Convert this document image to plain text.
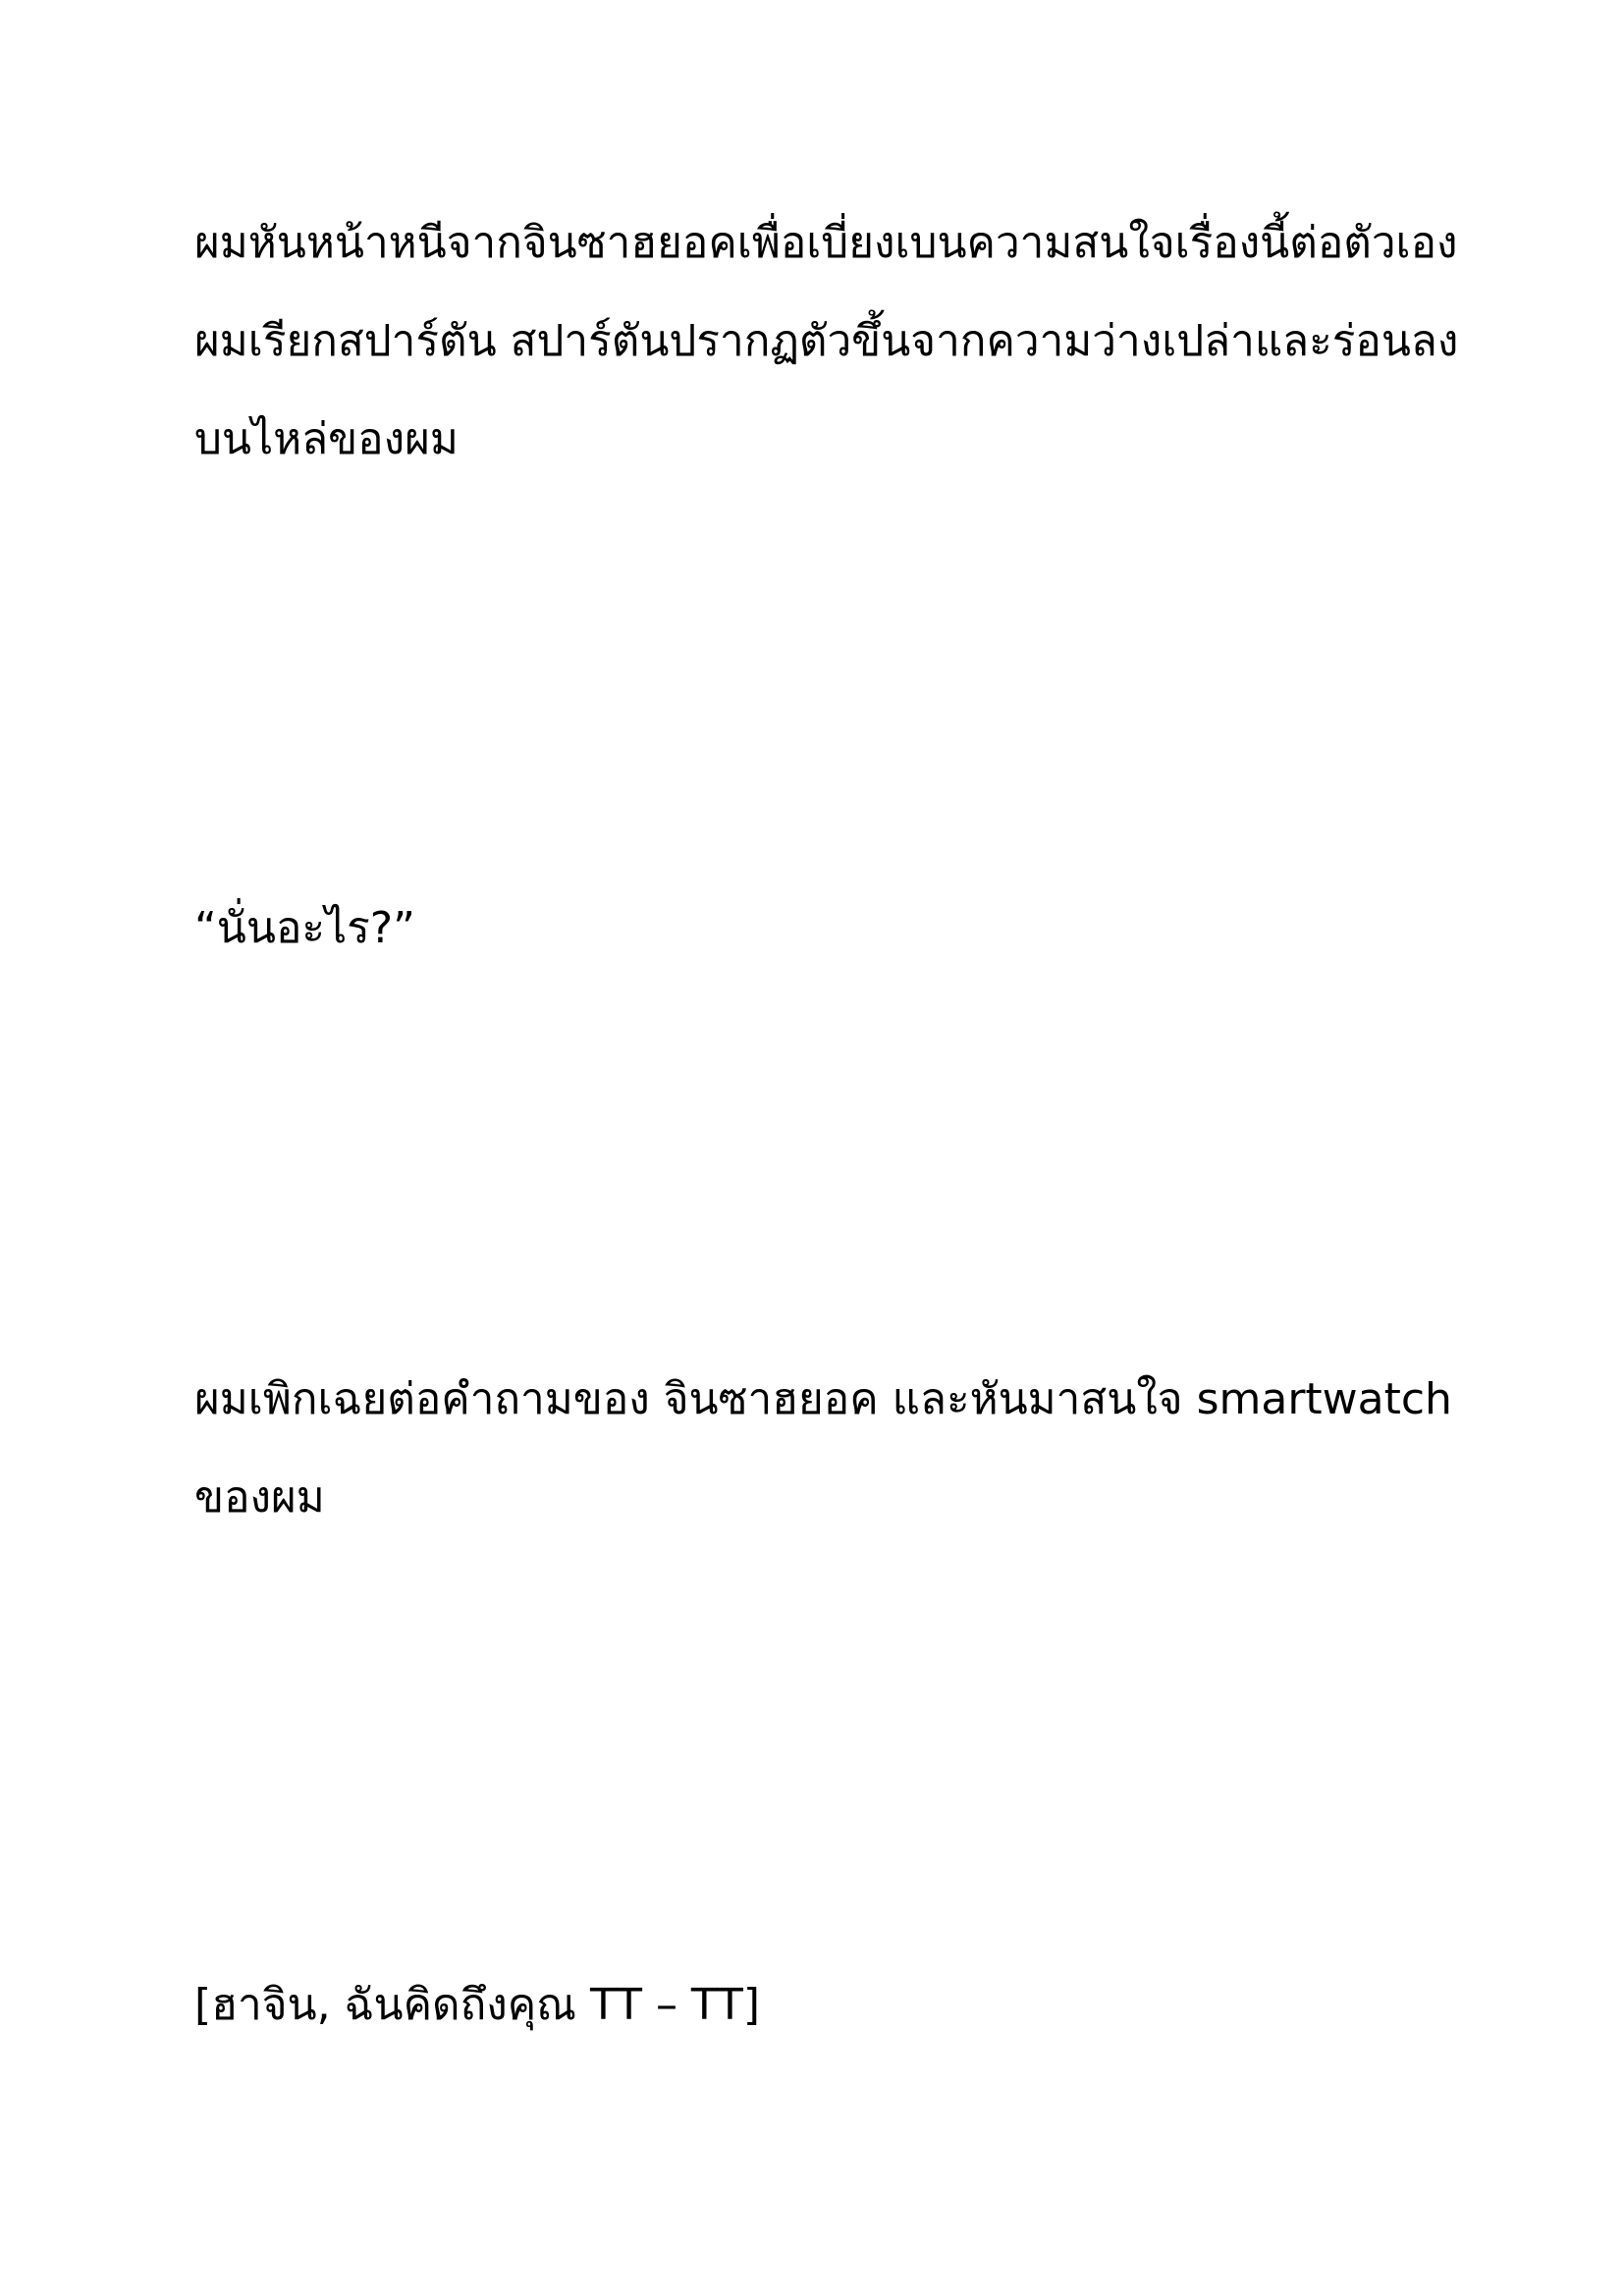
ผมหันหน้าหนีจากจินซาฮยอคเพื่อเบี่ยงเบนความสนใจเรื่องนี้ต่อตัวเอง
ผมเรียกสปาร์ตัน สปาร์ตันปรากฏตัวขึ้นจากความว่างเปล่าและร่อนลง
บนไหล่ของผม

“นั่นอะไร?”

ผมเพิกเฉยต่อคำถามของ จินซาฮยอค และหันมาสนใจ smartwatch
ของผม

[ฮาจิน, ฉันคิดถึงคุณ TT – TT]
